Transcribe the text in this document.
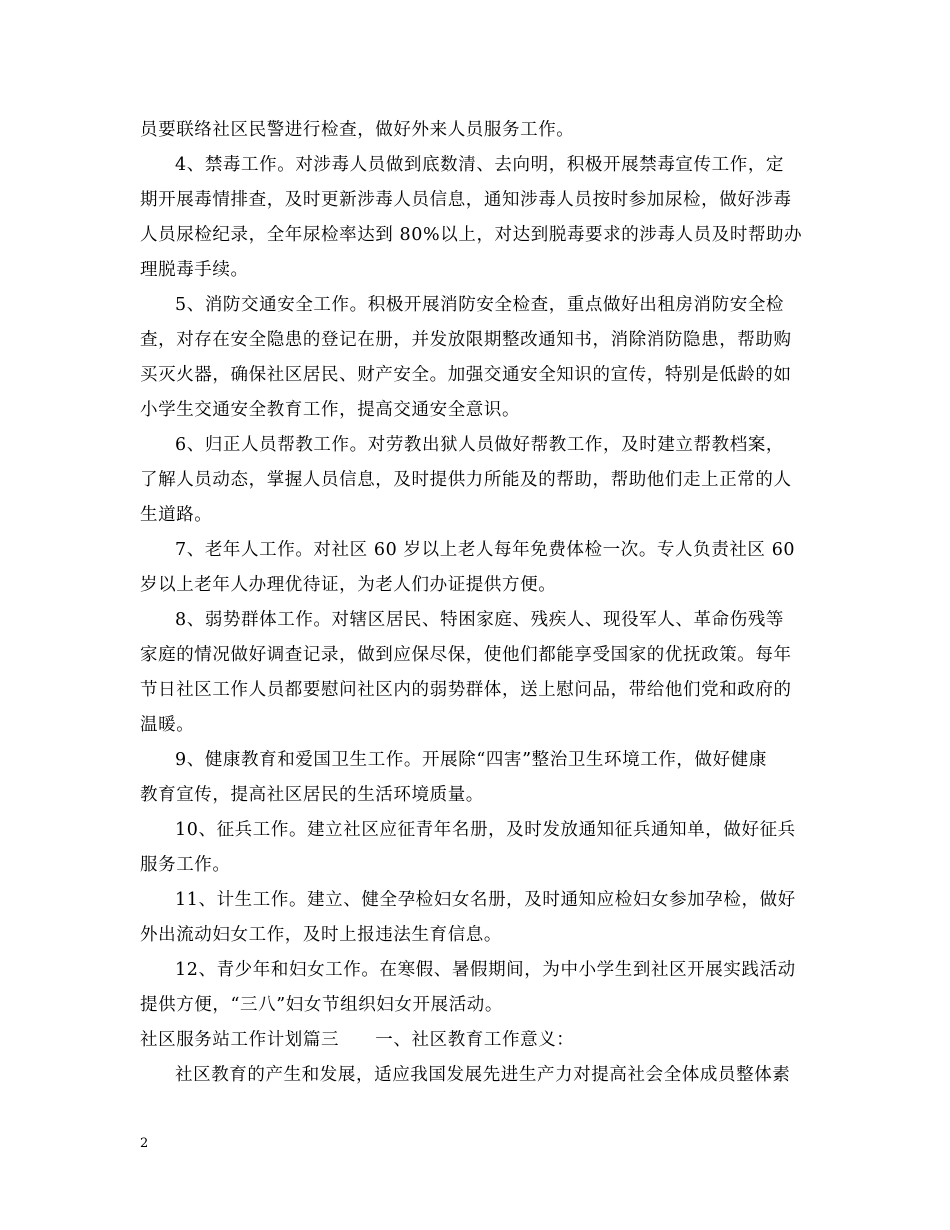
员要联络社区民警进行检查，做好外来人员服务工作。
4、禁毒工作。对涉毒人员做到底数清、去向明，积极开展禁毒宣传工作，定
期开展毒情排查，及时更新涉毒人员信息，通知涉毒人员按时参加尿检，做好涉毒
人员尿检纪录，全年尿检率达到 80%以上，对达到脱毒要求的涉毒人员及时帮助办
理脱毒手续。
5、消防交通安全工作。积极开展消防安全检查，重点做好出租房消防安全检
查，对存在安全隐患的登记在册，并发放限期整改通知书，消除消防隐患，帮助购
买灭火器，确保社区居民、财产安全。加强交通安全知识的宣传，特别是低龄的如
小学生交通安全教育工作，提高交通安全意识。
6、归正人员帮教工作。对劳教出狱人员做好帮教工作，及时建立帮教档案，
了解人员动态，掌握人员信息，及时提供力所能及的帮助，帮助他们走上正常的人
生道路。
7、老年人工作。对社区 60 岁以上老人每年免费体检一次。专人负责社区 60
岁以上老年人办理优待证，为老人们办证提供方便。
8、弱势群体工作。对辖区居民、特困家庭、残疾人、现役军人、革命伤残等
家庭的情况做好调查记录，做到应保尽保，使他们都能享受国家的优抚政策。每年
节日社区工作人员都要慰问社区内的弱势群体，送上慰问品，带给他们党和政府的
温暖。
9、健康教育和爱国卫生工作。开展除“四害”整治卫生环境工作，做好健康
教育宣传，提高社区居民的生活环境质量。
10、征兵工作。建立社区应征青年名册，及时发放通知征兵通知单，做好征兵
服务工作。
11、计生工作。建立、健全孕检妇女名册，及时通知应检妇女参加孕检，做好
外出流动妇女工作，及时上报违法生育信息。
12、青少年和妇女工作。在寒假、暑假期间，为中小学生到社区开展实践活动
提供方便，“三八”妇女节组织妇女开展活动。
社区服务站工作计划篇三　　一、社区教育工作意义：
社区教育的产生和发展，适应我国发展先进生产力对提高社会全体成员整体素
2
